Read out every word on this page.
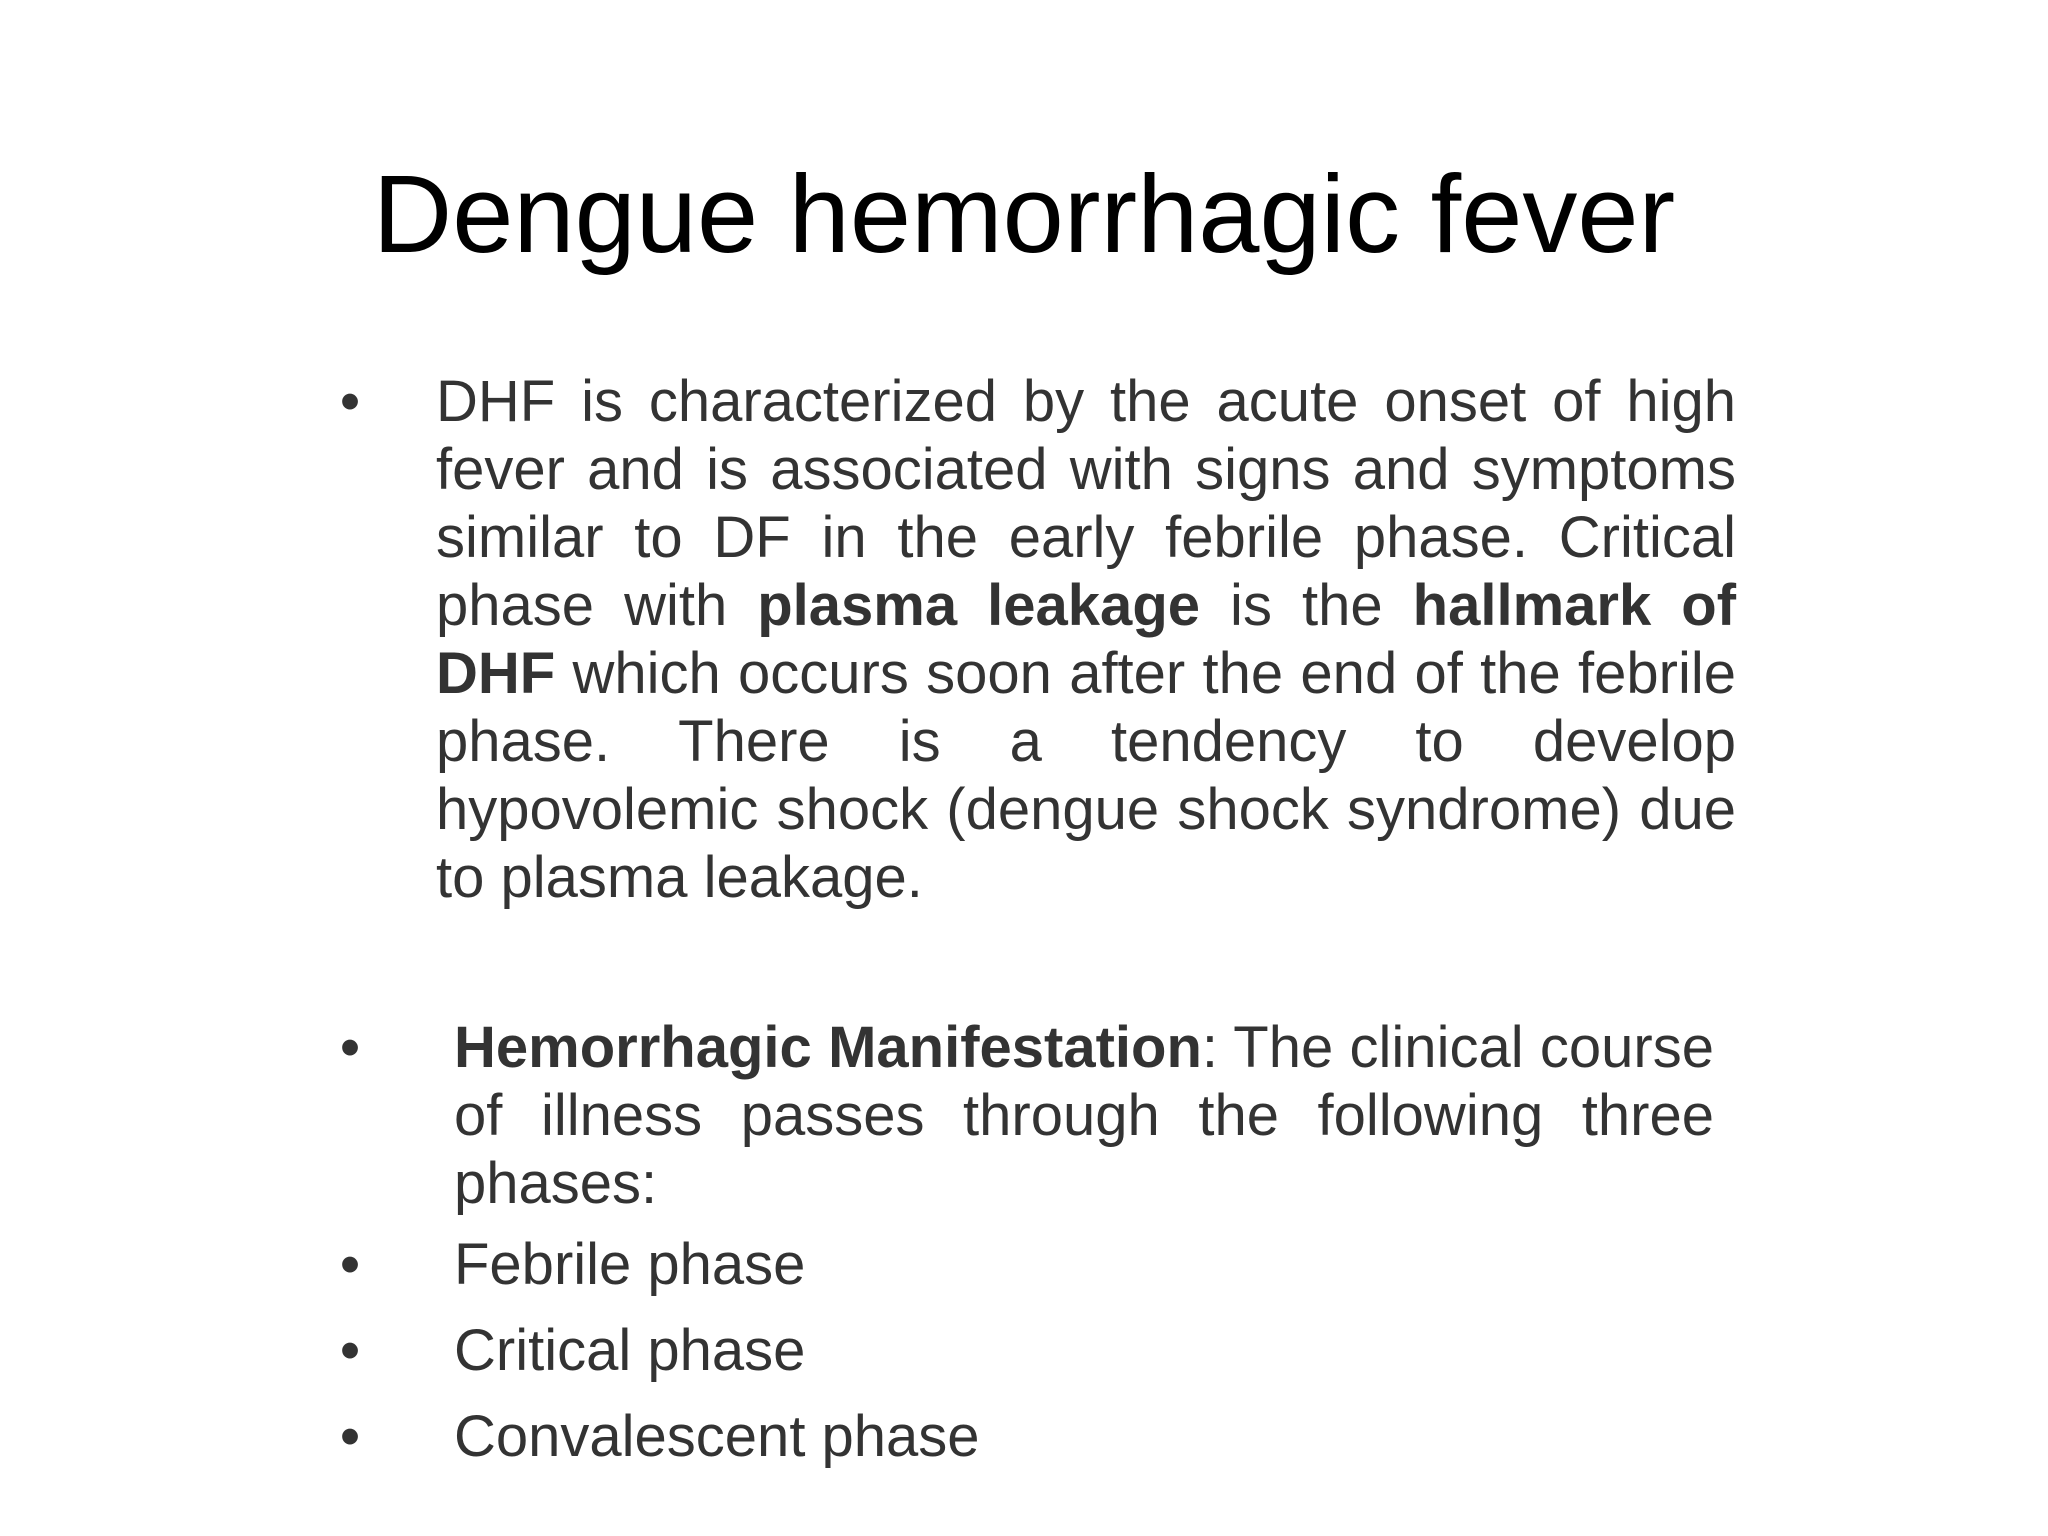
Dengue hemorrhagic fever
• DHF is characterized by the acute onset of high fever and is associated with signs and symptoms similar to DF in the early febrile phase. Critical phase with plasma leakage is the hallmark of DHF which occurs soon after the end of the febrile phase. There is a tendency to develop hypovolemic shock (dengue shock syndrome) due to plasma leakage.
•	Hemorrhagic Manifestation: The clinical course of illness passes through the following three phases:
• Febrile phase
• Critical phase
• Convalescent phase
